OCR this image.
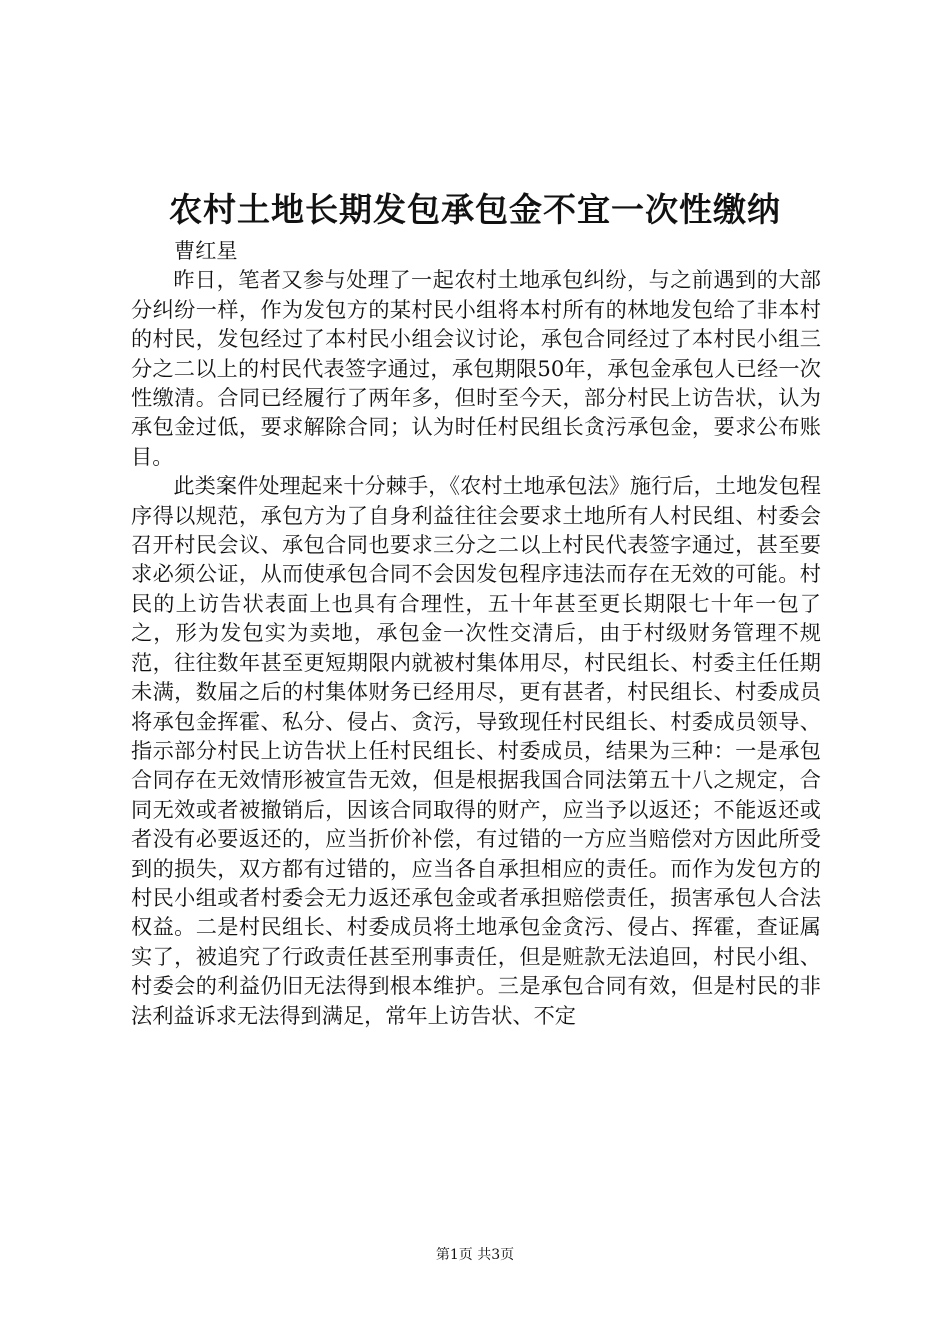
农村土地长期发包承包金不宜一次性缴纳

曹红星

昨日，笔者又参与处理了一起农村土地承包纠纷，与之前遇到的大部分纠纷一样，作为发包方的某村民小组将本村所有的林地发包给了非本村的村民，发包经过了本村民小组会议讨论，承包合同经过了本村民小组三分之二以上的村民代表签字通过，承包期限50年，承包金承包人已经一次性缴清。合同已经履行了两年多，但时至今天，部分村民上访告状，认为承包金过低，要求解除合同；认为时任村民组长贪污承包金，要求公布账目。

此类案件处理起来十分棘手，《农村土地承包法》施行后，土地发包程序得以规范，承包方为了自身利益往往会要求土地所有人村民组、村委会召开村民会议、承包合同也要求三分之二以上村民代表签字通过，甚至要求必须公证，从而使承包合同不会因发包程序违法而存在无效的可能。村民的上访告状表面上也具有合理性，五十年甚至更长期限七十年一包了之，形为发包实为卖地，承包金一次性交清后，由于村级财务管理不规范，往往数年甚至更短期限内就被村集体用尽，村民组长、村委主任任期未满，数届之后的村集体财务已经用尽，更有甚者，村民组长、村委成员将承包金挥霍、私分、侵占、贪污，导致现任村民组长、村委成员领导、指示部分村民上访告状上任村民组长、村委成员，结果为三种：一是承包合同存在无效情形被宣告无效，但是根据我国合同法第五十八之规定，合同无效或者被撤销后，因该合同取得的财产，应当予以返还；不能返还或者没有必要返还的，应当折价补偿，有过错的一方应当赔偿对方因此所受到的损失，双方都有过错的，应当各自承担相应的责任。而作为发包方的村民小组或者村委会无力返还承包金或者承担赔偿责任，损害承包人合法权益。二是村民组长、村委成员将土地承包金贪污、侵占、挥霍，查证属实了，被追究了行政责任甚至刑事责任，但是赃款无法追回，村民小组、村委会的利益仍旧无法得到根本维护。三是承包合同有效，但是村民的非法利益诉求无法得到满足，常年上访告状、不定

第1页 共3页
